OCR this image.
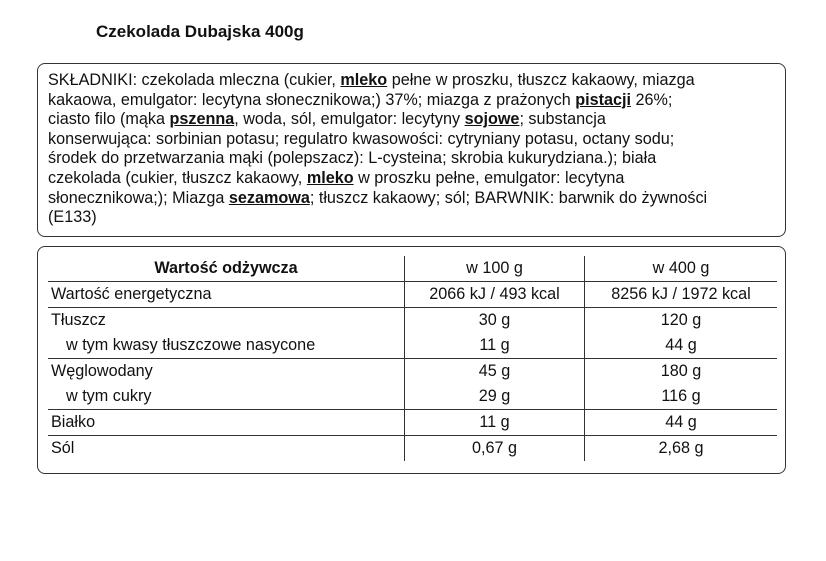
Czekolada Dubajska 400g
SKŁADNIKI: czekolada mleczna (cukier, mleko pełne w proszku, tłuszcz kakaowy, miazga
kakaowa, emulgator: lecytyna słonecznikowa;) 37%; miazga z prażonych pistacji 26%;
ciasto filo (mąka pszenna, woda, sól, emulgator: lecytyny sojowe; substancja
konserwująca: sorbinian potasu; regulatro kwasowości: cytryniany potasu, octany sodu;
środek do przetwarzania mąki (polepszacz): L-cysteina; skrobia kukurydziana.); biała
czekolada (cukier, tłuszcz kakaowy, mleko w proszku pełne, emulgator: lecytyna
słonecznikowa;); Miazga sezamowa; tłuszcz kakaowy; sól; BARWNIK: barwnik do żywności
(E133)
Wartość odżywcza	w 100 g	w 400 g
Wartość energetyczna	2066 kJ / 493 kcal	8256 kJ / 1972 kcal
Tłuszcz	30 g	120 g
w tym kwasy tłuszczowe nasycone	11 g	44 g
Węglowodany	45 g	180 g
w tym cukry	29 g	116 g
Białko	11 g	44 g
Sól	0,67 g	2,68 g
